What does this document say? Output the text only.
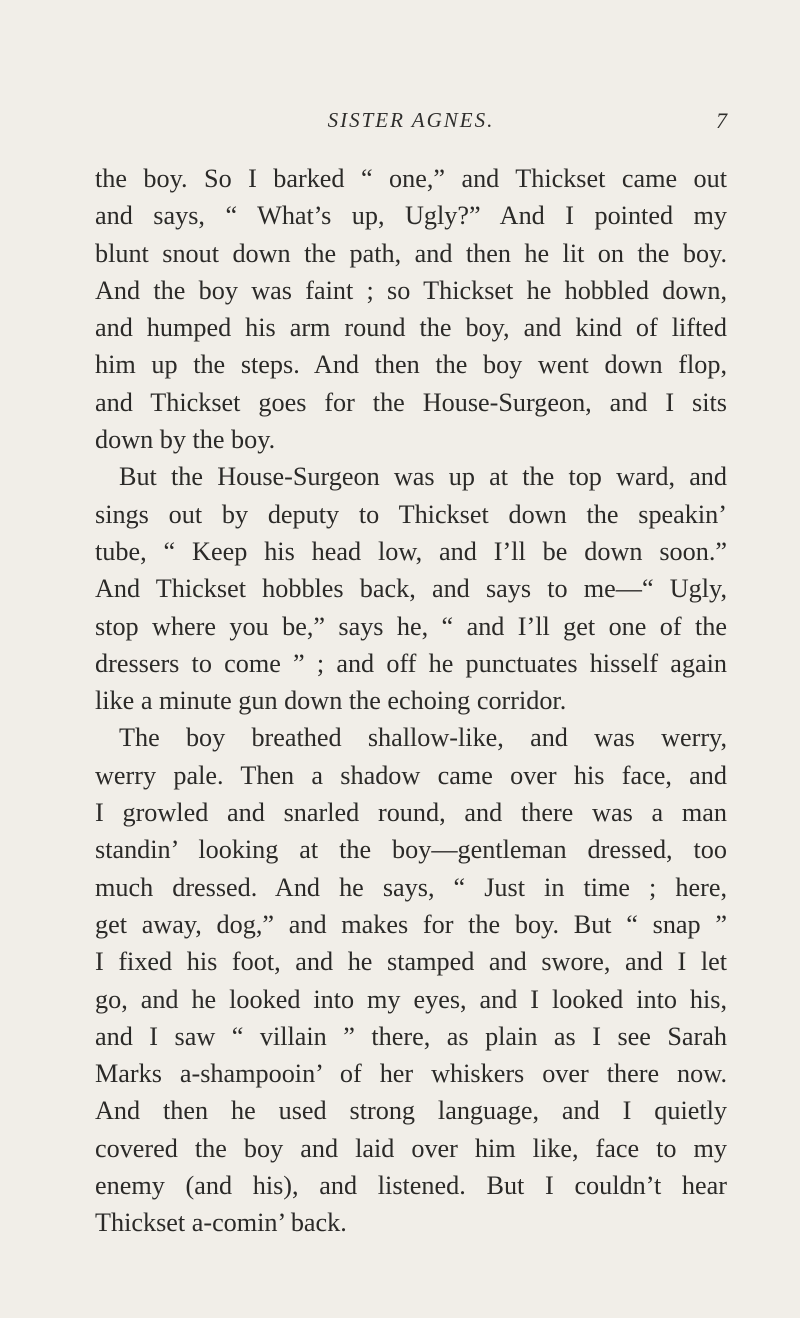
SISTER AGNES.	7
the boy. So I barked “ one,” and Thickset came out
and says, “ What’s up, Ugly?” And I pointed my
blunt snout down the path, and then he lit on the boy.
And the boy was faint ; so Thickset he hobbled down,
and humped his arm round the boy, and kind of lifted
him up the steps. And then the boy went down flop,
and Thickset goes for the House-Surgeon, and I sits
down by the boy.
But the House-Surgeon was up at the top ward, and
sings out by deputy to Thickset down the speakin’
tube, “ Keep his head low, and I’ll be down soon.”
And Thickset hobbles back, and says to me—“ Ugly,
stop where you be,” says he, “ and I’ll get one of the
dressers to come ” ; and off he punctuates hisself again
like a minute gun down the echoing corridor.
The boy breathed shallow-like, and was werry,
werry pale. Then a shadow came over his face, and
I growled and snarled round, and there was a man
standin’ looking at the boy—gentleman dressed, too
much dressed. And he says, “ Just in time ; here,
get away, dog,” and makes for the boy. But “ snap ”
I fixed his foot, and he stamped and swore, and I let
go, and he looked into my eyes, and I looked into his,
and I saw “ villain ” there, as plain as I see Sarah
Marks a-shampooin’ of her whiskers over there now.
And then he used strong language, and I quietly
covered the boy and laid over him like, face to my
enemy (and his), and listened. But I couldn’t hear
Thickset a-comin’ back.
